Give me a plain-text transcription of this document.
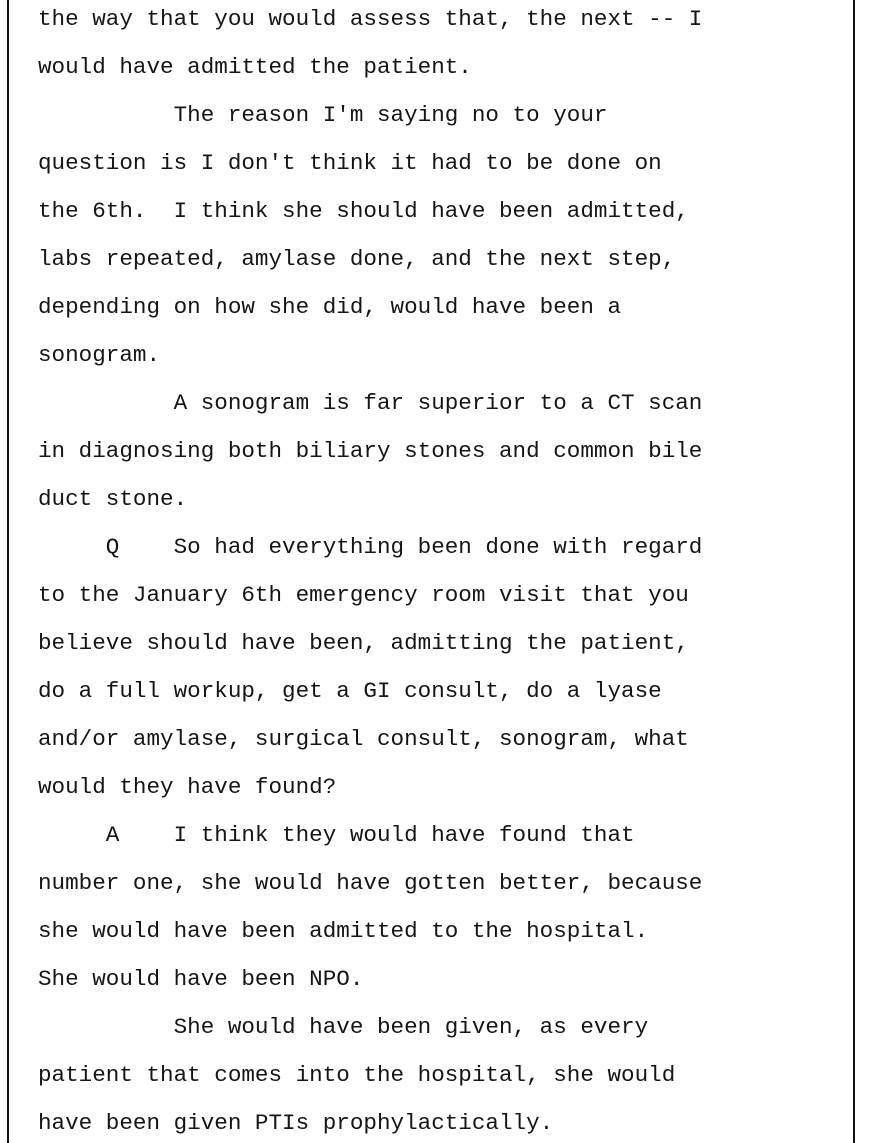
the way that you would assess that, the next -- I
would have admitted the patient.
The reason I'm saying no to your
question is I don't think it had to be done on
the 6th.  I think she should have been admitted,
labs repeated, amylase done, and the next step,
depending on how she did, would have been a
sonogram.
A sonogram is far superior to a CT scan
in diagnosing both biliary stones and common bile
duct stone.
Q    So had everything been done with regard
to the January 6th emergency room visit that you
believe should have been, admitting the patient,
do a full workup, get a GI consult, do a lyase
and/or amylase, surgical consult, sonogram, what
would they have found?
A    I think they would have found that
number one, she would have gotten better, because
she would have been admitted to the hospital.
She would have been NPO.
She would have been given, as every
patient that comes into the hospital, she would
have been given PTIs prophylactically.
